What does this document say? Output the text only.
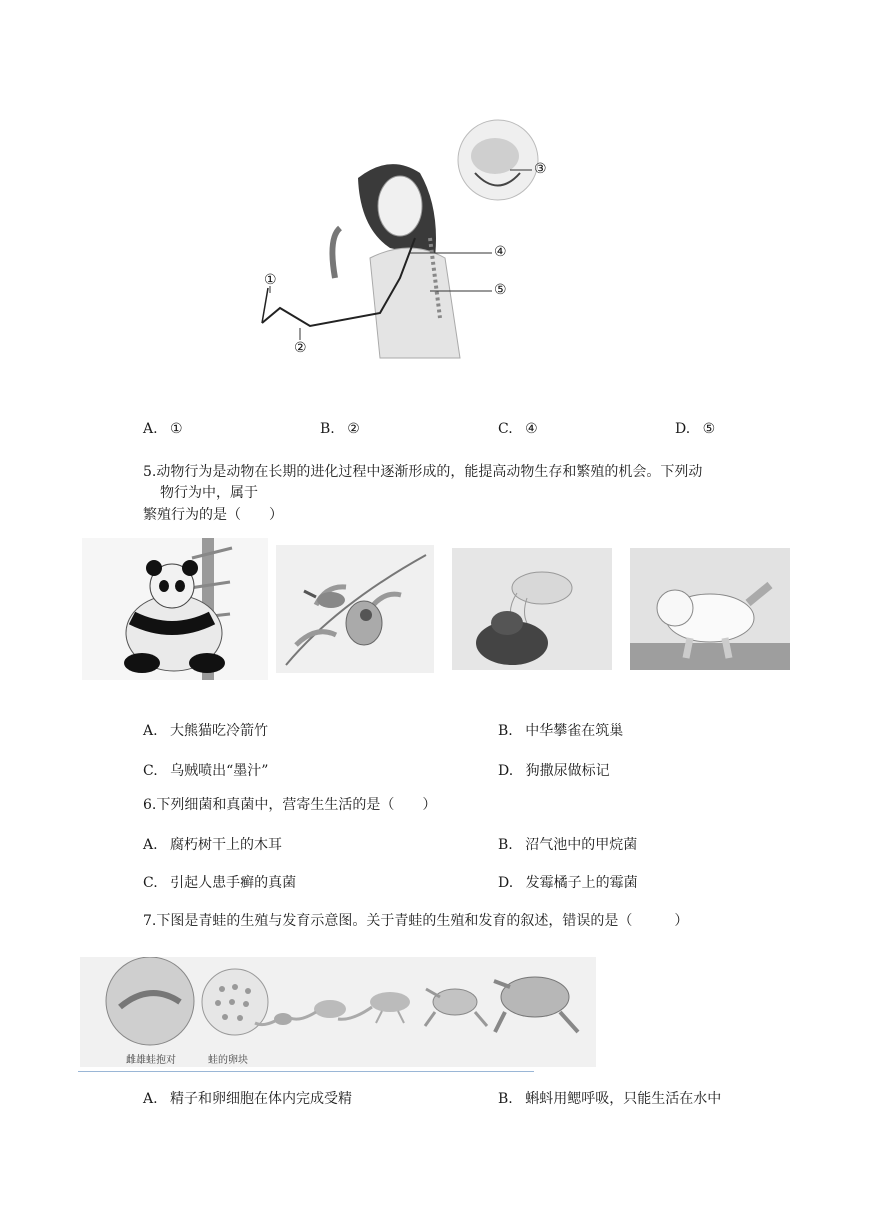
①
②
③
④
⑤
A. ①	B. ②	C. ④	D. ⑤
5.动物行为是动物在长期的进化过程中逐渐形成的，能提高动物生存和繁殖的机会。下列动
物行为中，属于
繁殖行为的是（　　）
A. 大熊猫吃冷箭竹	B. 中华攀雀在筑巢
C. 乌贼喷出“墨汁”	D. 狗撒尿做标记
6.下列细菌和真菌中，营寄生生活的是（　　）
A. 腐朽树干上的木耳	B. 沼气池中的甲烷菌
C. 引起人患手癣的真菌	D. 发霉橘子上的霉菌
7.下图是青蛙的生殖与发育示意图。关于青蛙的生殖和发育的叙述，错误的是（　　　）
雌雄蛙抱对	蛙的卵块
A. 精子和卵细胞在体内完成受精	B. 蝌蚪用鳃呼吸，只能生活在水中
